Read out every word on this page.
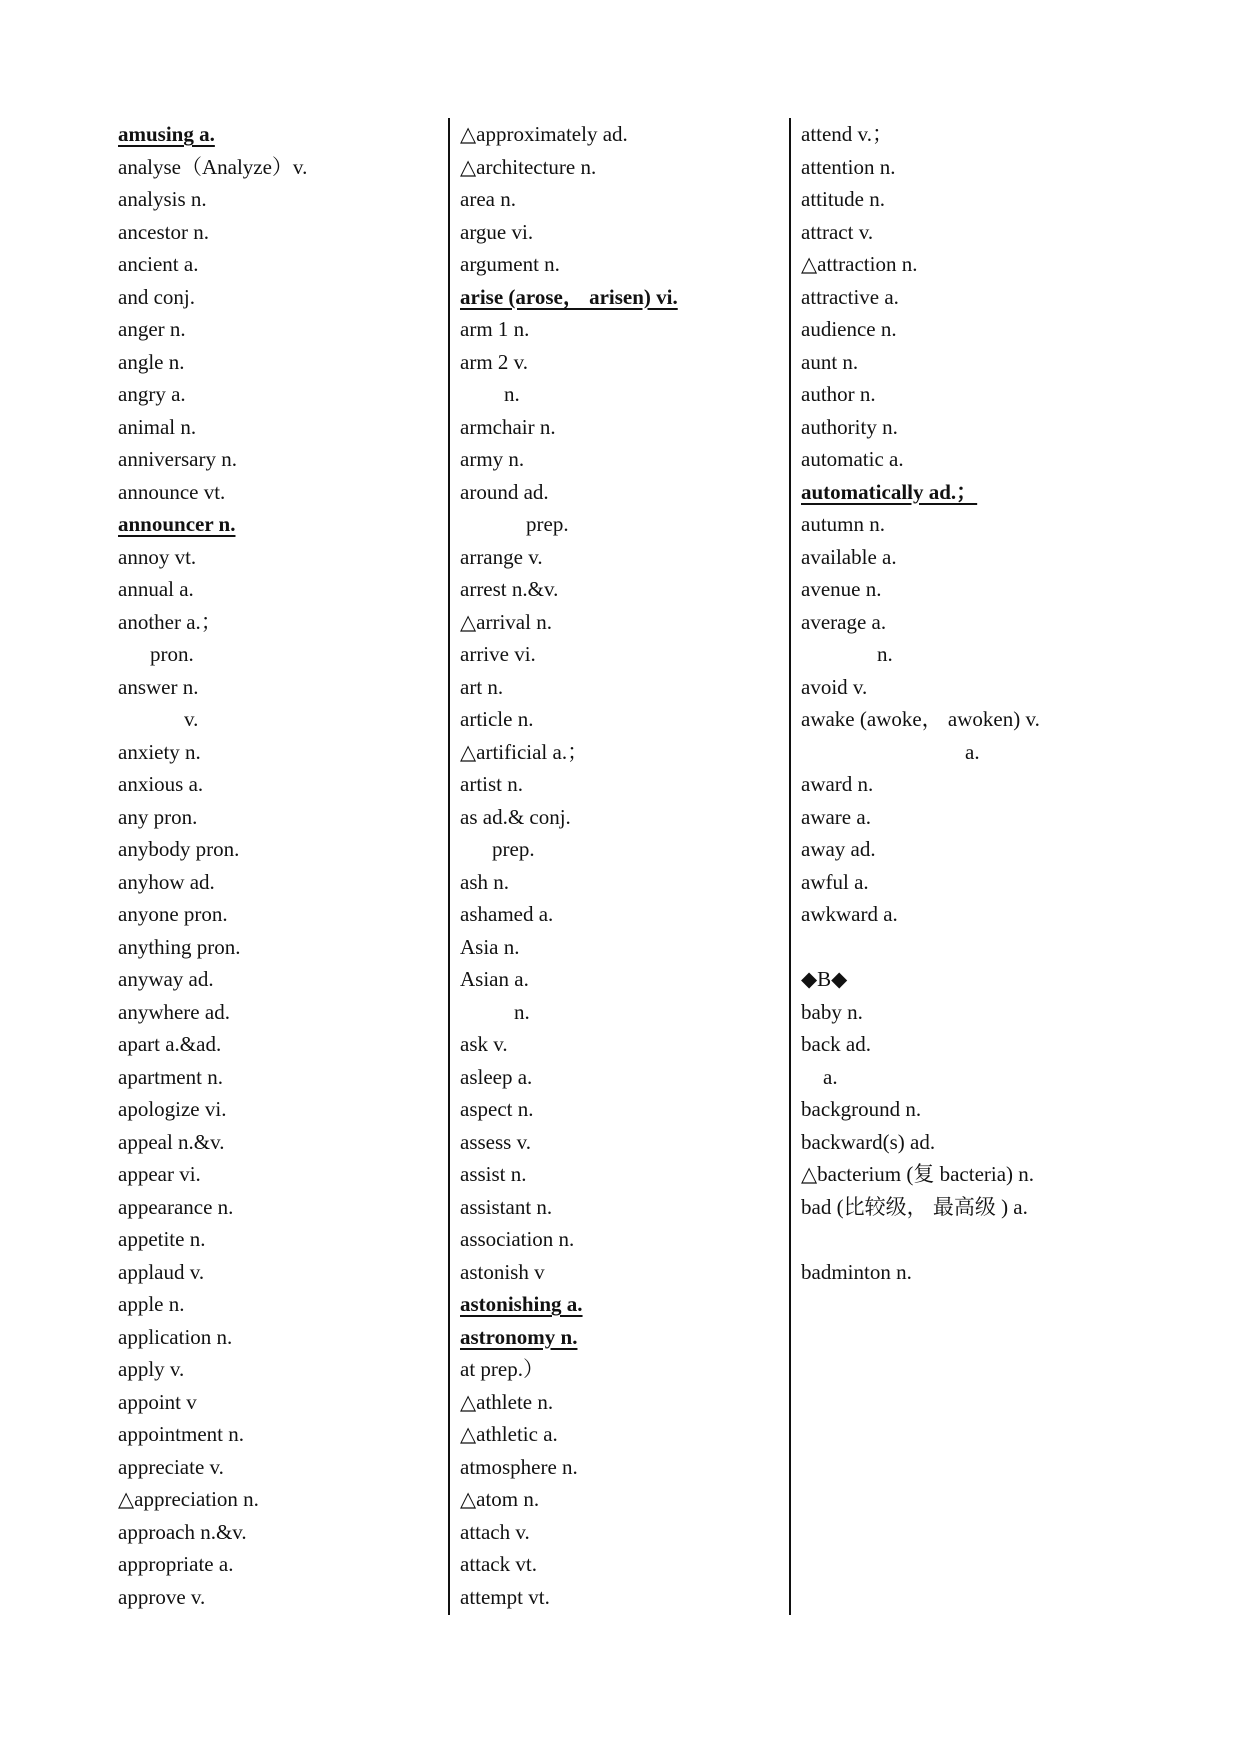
amusing a.
analyse（Analyze）v.
analysis n.
ancestor n.
ancient a.
and conj.
anger n.
angle n.
angry a.
animal n.
anniversary n.
announce vt.
announcer n.
annoy vt.
annual a.
another a.；
pron.
answer n.
v.
anxiety n.
anxious a.
any pron.
anybody pron.
anyhow ad.
anyone pron.
anything pron.
anyway ad.
anywhere ad.
apart a.&ad.
apartment n.
apologize vi.
appeal n.&v.
appear vi.
appearance n.
appetite n.
applaud v.
apple n.
application n.
apply v.
appoint v
appointment n.
appreciate v.
△appreciation n.
approach n.&v.
appropriate a.
approve v.
△approximately ad.
△architecture n.
area n.
argue vi.
argument n.
arise (arose， arisen) vi.
arm 1 n.
arm 2 v.
n.
armchair n.
army n.
around ad.
prep.
arrange v.
arrest n.&v.
△arrival n.
arrive vi.
art n.
article n.
△artificial a.；
artist n.
as ad.& conj.
prep.
ash n.
ashamed a.
Asia n.
Asian a.
n.
ask v.
asleep a.
aspect n.
assess v.
assist n.
assistant n.
association n.
astonish v
astonishing a.
astronomy n.
at prep.）
△athlete n.
△athletic a.
atmosphere n.
△atom n.
attach v.
attack vt.
attempt vt.
attend v.；
attention n.
attitude n.
attract v.
△attraction n.
attractive a.
audience n.
aunt n.
author n.
authority n.
automatic a.
automatically ad.；
autumn n.
available a.
avenue n.
average a.
n.
avoid v.
awake (awoke， awoken) v.
a.
award n.
aware a.
away ad.
awful a.
awkward a.
◆B◆
baby n.
back ad.
a.
background n.
backward(s) ad.
△bacterium (复 bacteria) n.
bad (比较级， 最高级 ) a.
badminton n.
